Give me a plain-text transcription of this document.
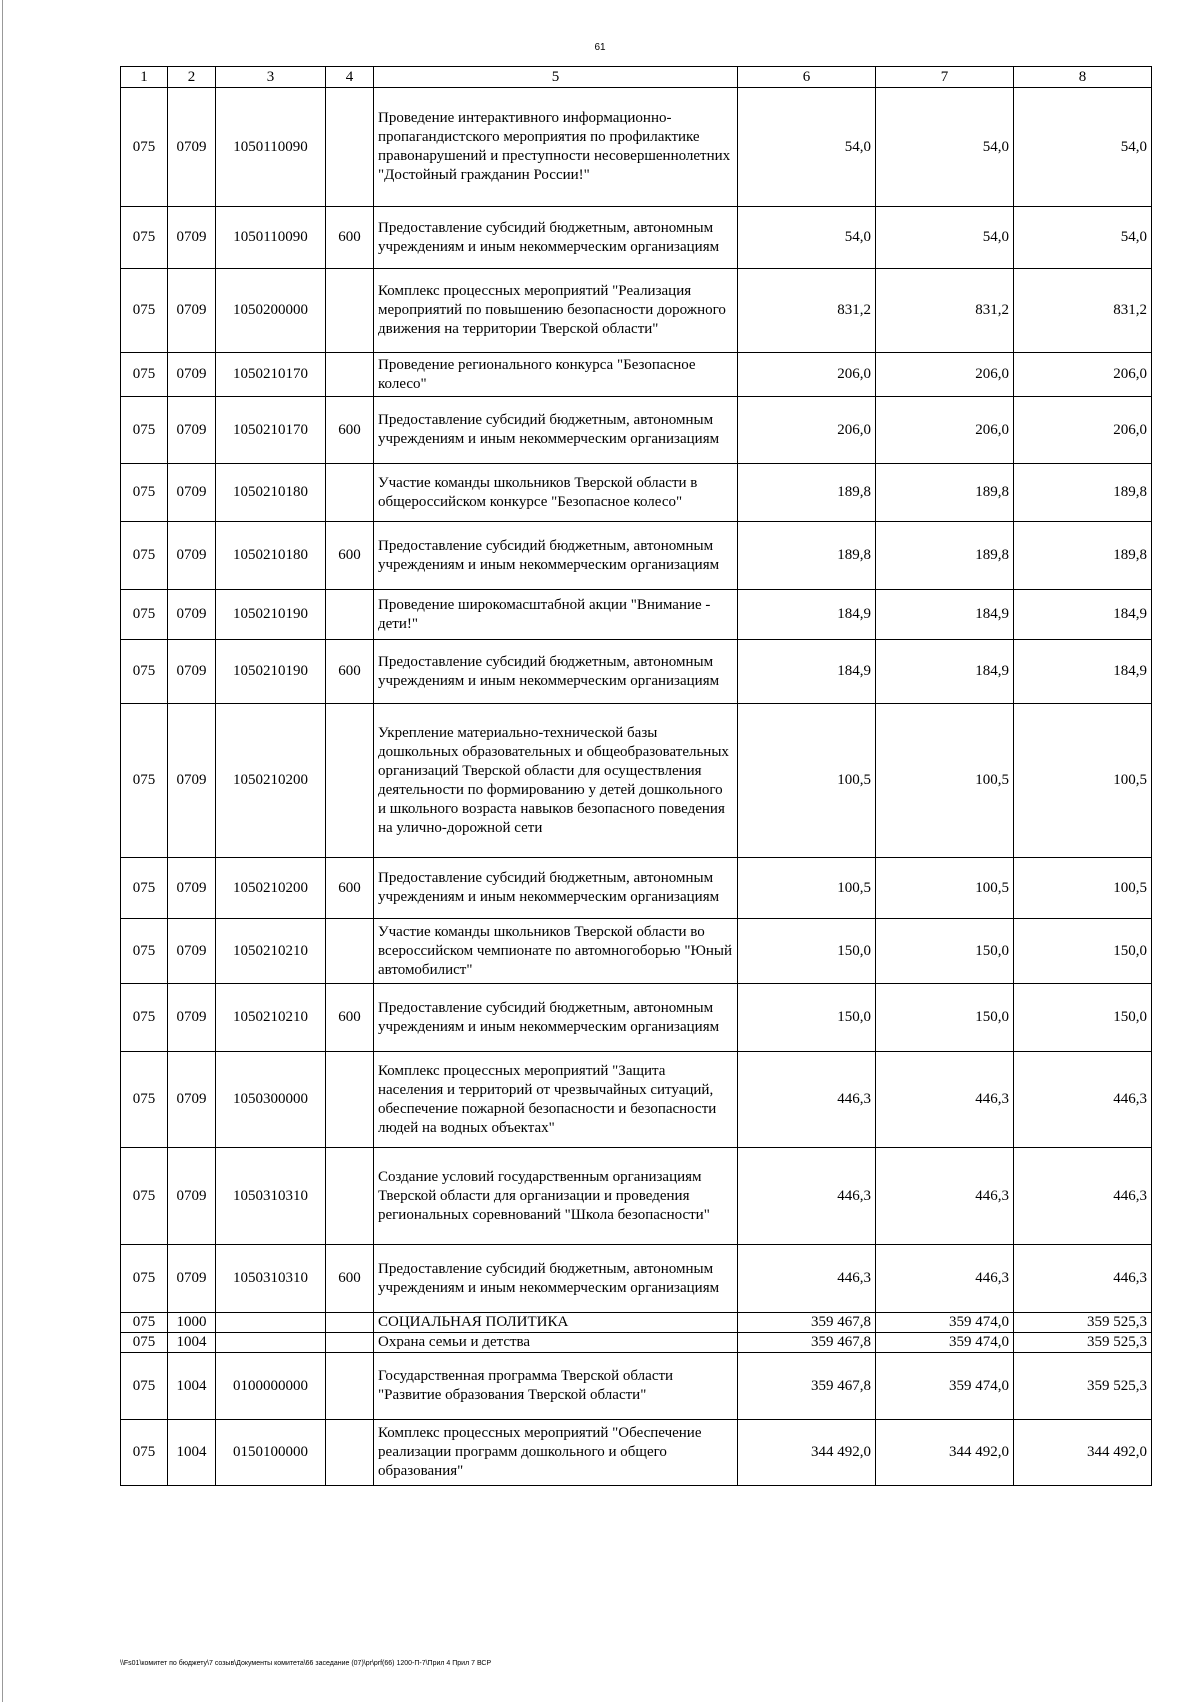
61
1	2	3	4	5	6	7	8
075	0709	1050110090		Проведение интерактивного информационно-пропагандистского мероприятия по профилактике правонарушений и преступности несовершеннолетних "Достойный гражданин России!"	54,0	54,0	54,0
075	0709	1050110090	600	Предоставление субсидий бюджетным, автономным учреждениям и иным некоммерческим организациям	54,0	54,0	54,0
075	0709	1050200000		Комплекс процессных мероприятий "Реализация мероприятий по повышению безопасности дорожного движения на территории Тверской области"	831,2	831,2	831,2
075	0709	1050210170		Проведение регионального конкурса "Безопасное колесо"	206,0	206,0	206,0
075	0709	1050210170	600	Предоставление субсидий бюджетным, автономным учреждениям и иным некоммерческим организациям	206,0	206,0	206,0
075	0709	1050210180		Участие команды школьников Тверской области в общероссийском конкурсе "Безопасное колесо"	189,8	189,8	189,8
075	0709	1050210180	600	Предоставление субсидий бюджетным, автономным учреждениям и иным некоммерческим организациям	189,8	189,8	189,8
075	0709	1050210190		Проведение широкомасштабной акции "Внимание - дети!"	184,9	184,9	184,9
075	0709	1050210190	600	Предоставление субсидий бюджетным, автономным учреждениям и иным некоммерческим организациям	184,9	184,9	184,9
075	0709	1050210200		Укрепление материально-технической базы дошкольных образовательных и общеобразовательных организаций Тверской области для осуществления деятельности по формированию у детей дошкольного и школьного возраста навыков безопасного поведения на улично-дорожной сети	100,5	100,5	100,5
075	0709	1050210200	600	Предоставление субсидий бюджетным, автономным учреждениям и иным некоммерческим организациям	100,5	100,5	100,5
075	0709	1050210210		Участие команды школьников Тверской области во всероссийском чемпионате по автомногоборью "Юный автомобилист"	150,0	150,0	150,0
075	0709	1050210210	600	Предоставление субсидий бюджетным, автономным учреждениям и иным некоммерческим организациям	150,0	150,0	150,0
075	0709	1050300000		Комплекс процессных мероприятий "Защита населения и территорий от чрезвычайных ситуаций, обеспечение пожарной безопасности и безопасности людей на водных объектах"	446,3	446,3	446,3
075	0709	1050310310		Создание условий государственным организациям Тверской области для организации и проведения региональных соревнований "Школа безопасности"	446,3	446,3	446,3
075	0709	1050310310	600	Предоставление субсидий бюджетным, автономным учреждениям и иным некоммерческим организациям	446,3	446,3	446,3
075	1000			СОЦИАЛЬНАЯ ПОЛИТИКА	359 467,8	359 474,0	359 525,3
075	1004			Охрана семьи и детства	359 467,8	359 474,0	359 525,3
075	1004	0100000000		Государственная программа Тверской области "Развитие образования Тверской области"	359 467,8	359 474,0	359 525,3
075	1004	0150100000		Комплекс процессных мероприятий "Обеспечение реализации программ дошкольного и общего образования"	344 492,0	344 492,0	344 492,0
\\Fs01\комитет по бюджету\7 созыв\Документы комитета\66 заседание (07)\pr\prf(66) 1200-П-7\Прил 4 Прил 7 ВСР
